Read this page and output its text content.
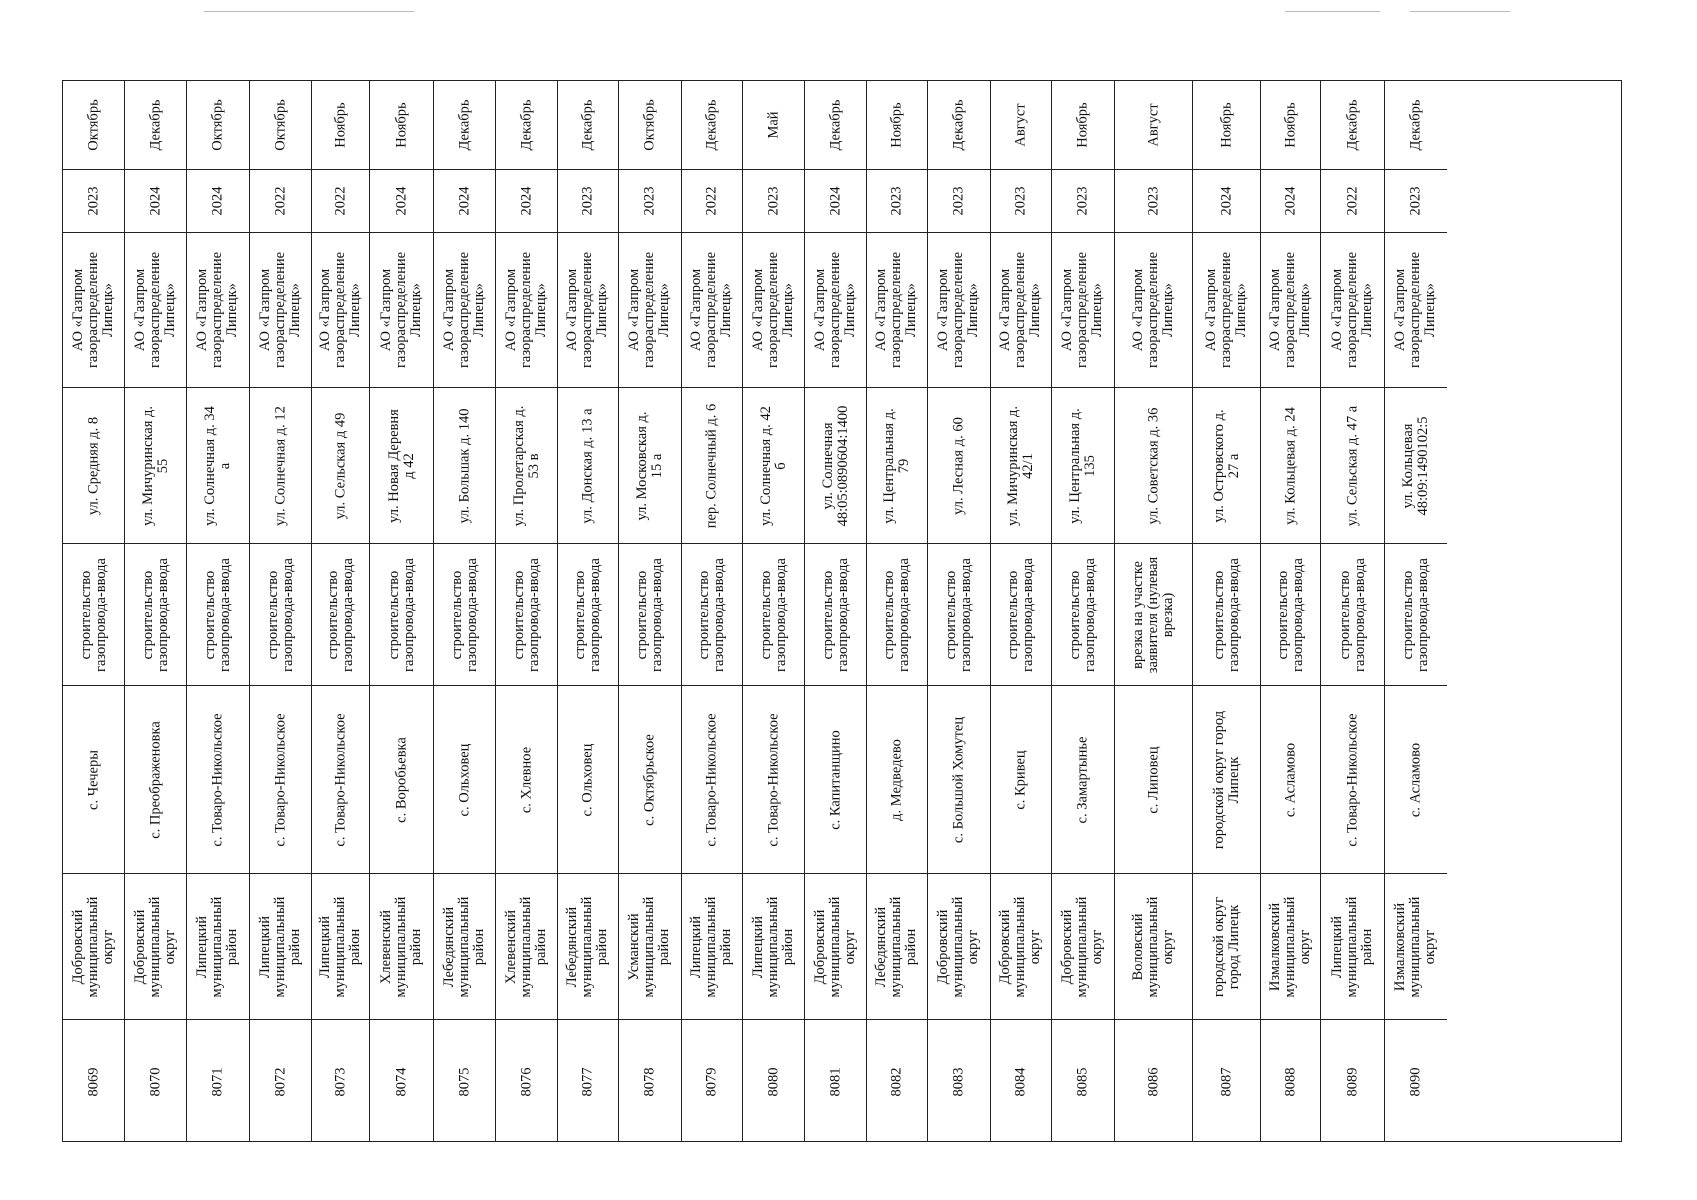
Октябрь
2023
АО «Газпром
газораспределение
Липецк»
ул. Средняя д. 8
строительство
газопровода-ввода
с. Чечеры
Добровский
муниципальный
округ
8069
Декабрь
2024
АО «Газпром
газораспределение
Липецк»
ул. Мичуринская д.
55
строительство
газопровода-ввода
с. Преображеновка
Добровский
муниципальный
округ
8070
Октябрь
2024
АО «Газпром
газораспределение
Липецк»
ул. Солнечная д. 34
а
строительство
газопровода-ввода
с. Товаро-Никольское
Липецкий
муниципальный
район
8071
Октябрь
2022
АО «Газпром
газораспределение
Липецк»
ул. Солнечная д. 12
строительство
газопровода-ввода
с. Товаро-Никольское
Липецкий
муниципальный
район
8072
Ноябрь
2022
АО «Газпром
газораспределение
Липецк»
ул. Сельская д 49
строительство
газопровода-ввода
с. Товаро-Никольское
Липецкий
муниципальный
район
8073
Ноябрь
2024
АО «Газпром
газораспределение
Липецк»
ул. Новая Деревня
д 42
строительство
газопровода-ввода
с. Воробьевка
Хлевенский
муниципальный
район
8074
Декабрь
2024
АО «Газпром
газораспределение
Липецк»
ул. Большак д. 140
строительство
газопровода-ввода
с. Ольховец
Лебедянский
муниципальный
район
8075
Декабрь
2024
АО «Газпром
газораспределение
Липецк»
ул. Пролетарская д.
53 в
строительство
газопровода-ввода
с. Хлевное
Хлевенский
муниципальный
район
8076
Декабрь
2023
АО «Газпром
газораспределение
Липецк»
ул. Донская д. 13 а
строительство
газопровода-ввода
с. Ольховец
Лебедянский
муниципальный
район
8077
Октябрь
2023
АО «Газпром
газораспределение
Липецк»
ул. Московская д.
15 а
строительство
газопровода-ввода
с. Октябрьское
Усманский
муниципальный
район
8078
Декабрь
2022
АО «Газпром
газораспределение
Липецк»
пер. Солнечный д. 6
строительство
газопровода-ввода
с. Товаро-Никольское
Липецкий
муниципальный
район
8079
Май
2023
АО «Газпром
газораспределение
Липецк»
ул. Солнечная д. 42
б
строительство
газопровода-ввода
с. Товаро-Никольское
Липецкий
муниципальный
район
8080
Декабрь
2024
АО «Газпром
газораспределение
Липецк»
ул. Солнечная
48:05:0890604:1400
строительство
газопровода-ввода
с. Капитанщино
Добровский
муниципальный
округ
8081
Ноябрь
2023
АО «Газпром
газораспределение
Липецк»
ул. Центральная д.
79
строительство
газопровода-ввода
д. Медведево
Лебедянский
муниципальный
район
8082
Декабрь
2023
АО «Газпром
газораспределение
Липецк»
ул. Лесная д. 60
строительство
газопровода-ввода
с. Большой Хомутец
Добровский
муниципальный
округ
8083
Август
2023
АО «Газпром
газораспределение
Липецк»
ул. Мичуринская д.
42/1
строительство
газопровода-ввода
с. Кривец
Добровский
муниципальный
округ
8084
Ноябрь
2023
АО «Газпром
газораспределение
Липецк»
ул. Центральная д.
135
строительство
газопровода-ввода
с. Замартынье
Добровский
муниципальный
округ
8085
Август
2023
АО «Газпром
газораспределение
Липецк»
ул. Советская д. 36
врезка на участке
заявителя (нулевая
врезка)
с. Липовец
Воловский
муниципальный
округ
8086
Ноябрь
2024
АО «Газпром
газораспределение
Липецк»
ул. Островского д.
27 а
строительство
газопровода-ввода
городской округ город
Липецк
городской округ
город Липецк
8087
Ноябрь
2024
АО «Газпром
газораспределение
Липецк»
ул. Кольцевая д. 24
строительство
газопровода-ввода
с. Асламово
Измалковский
муниципальный
округ
8088
Декабрь
2022
АО «Газпром
газораспределение
Липецк»
ул. Сельская д. 47 а
строительство
газопровода-ввода
с. Товаро-Никольское
Липецкий
муниципальный
район
8089
Декабрь
2023
АО «Газпром
газораспределение
Липецк»
ул. Кольцевая
48:09:1490102:5
строительство
газопровода-ввода
с. Асламово
Измалковский
муниципальный
округ
8090
